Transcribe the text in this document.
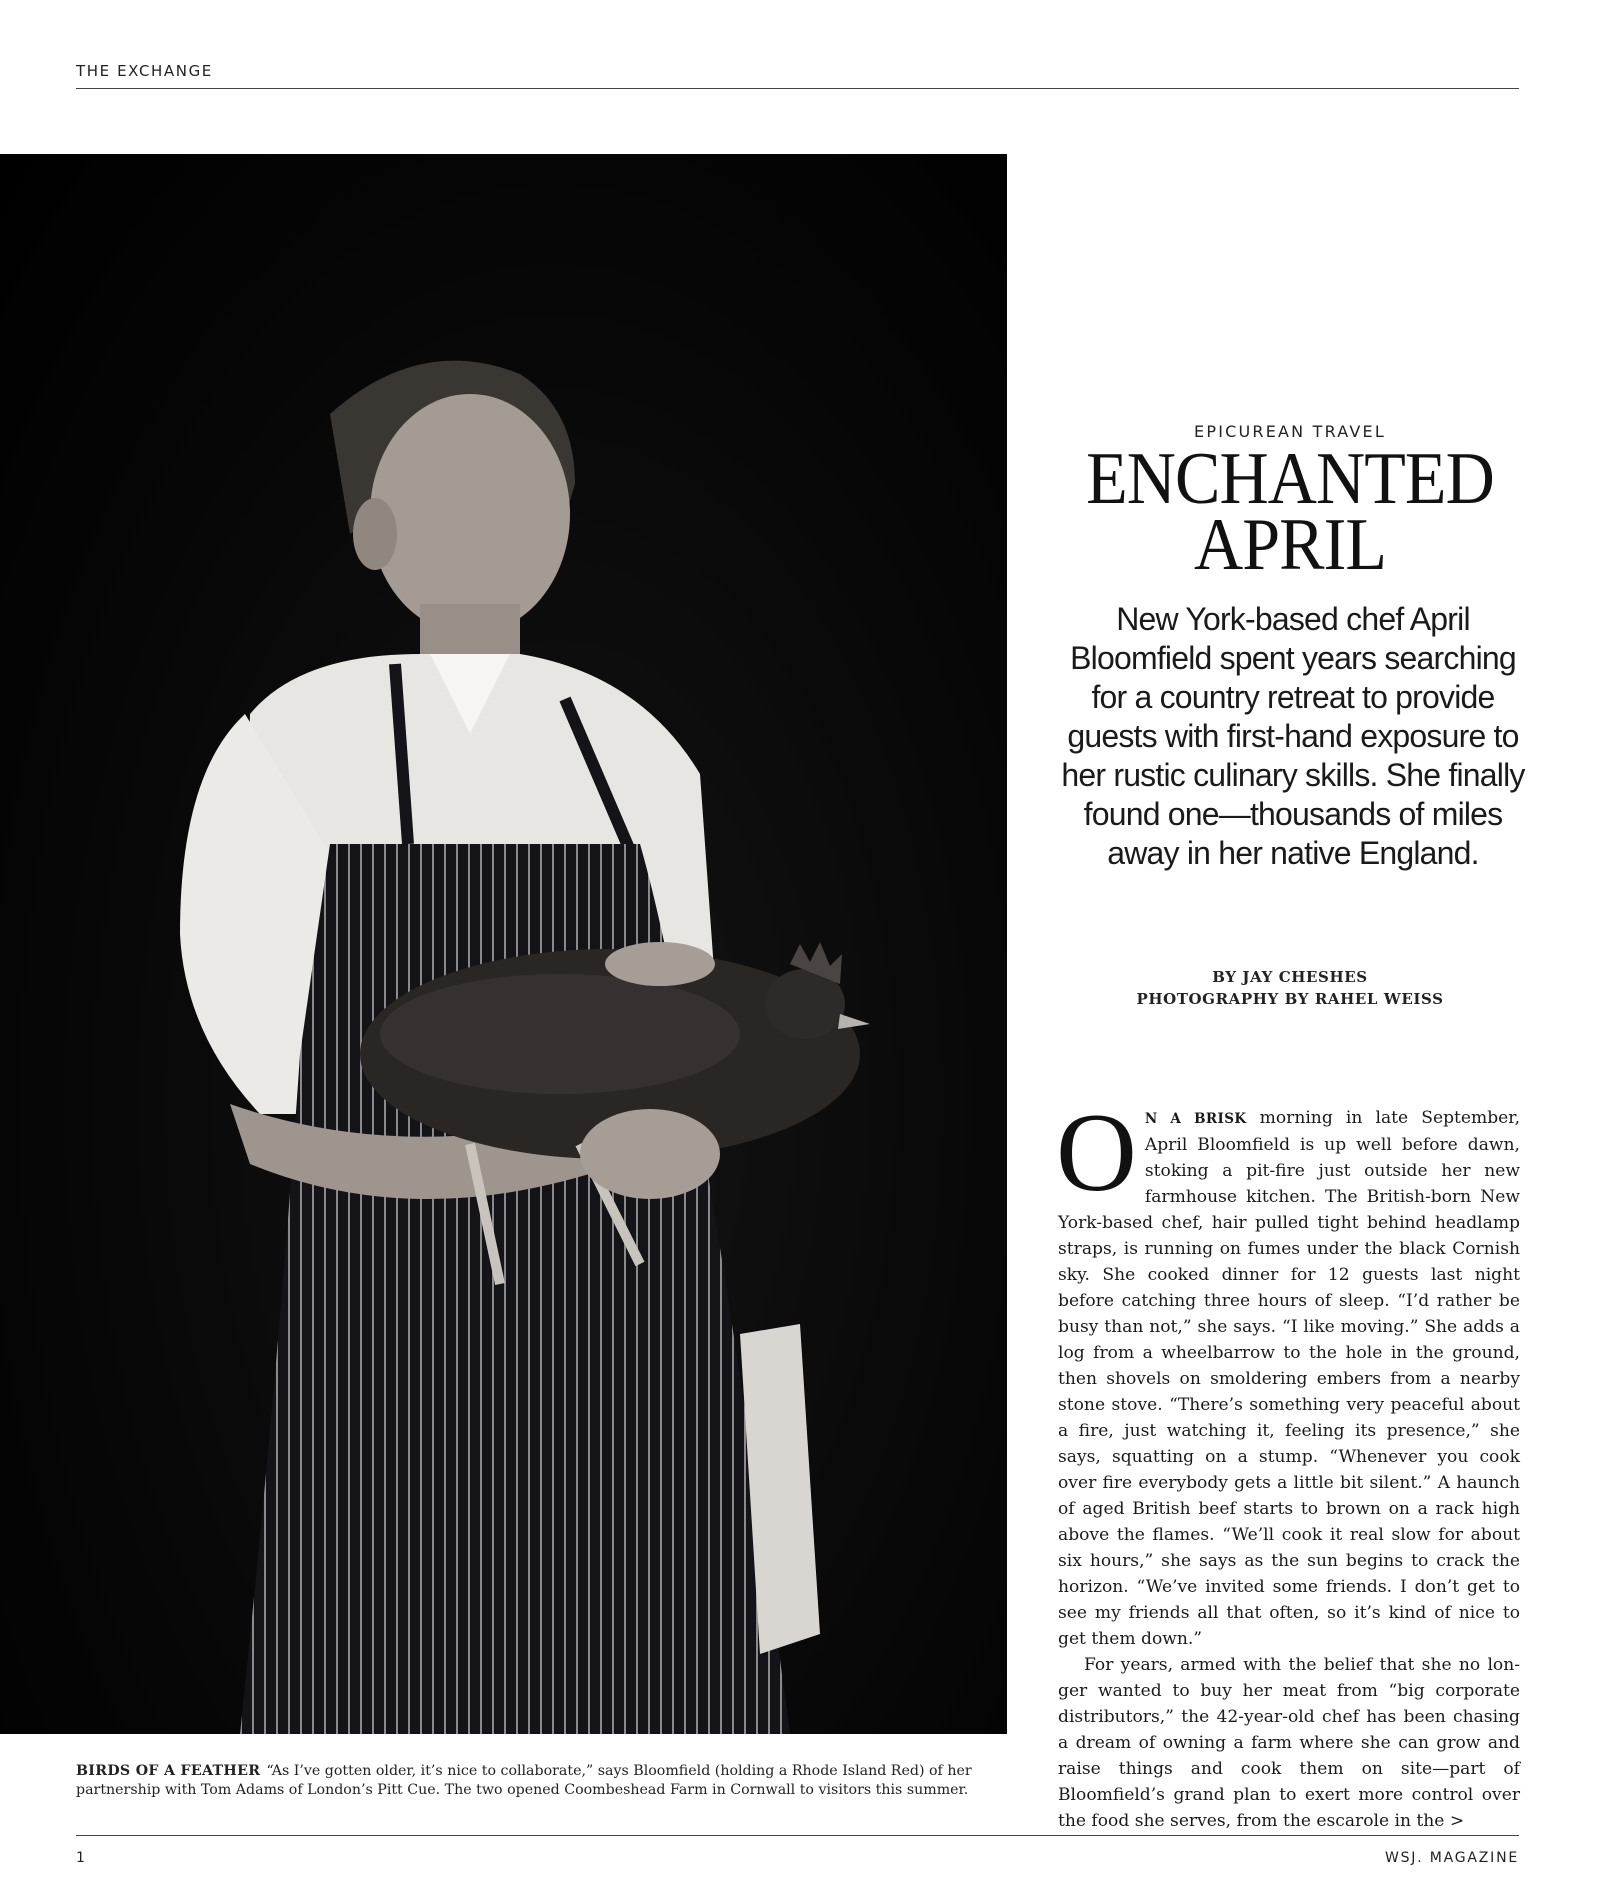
THE EXCHANGE
BIRDS OF A FEATHER “As I’ve gotten older, it’s nice to collaborate,” says Bloomfield (holding a Rhode Island Red) of her partnership with Tom Adams of London’s Pitt Cue. The two opened Coombeshead Farm in Cornwall to visitors this summer.
EPICUREAN TRAVEL
ENCHANTED
APRIL
New York-based chef April Bloomfield spent years searching for a country retreat to provide guests with first-hand exposure to her rustic culinary skills. She finally found one—thousands of miles away in her native England.
BY JAY CHESHES
PHOTOGRAPHY BY RAHEL WEISS

O N A BRISK morning in late September, April Bloomfield is up well before dawn, stoking a pit-fire just outside her new farmhouse kitchen. The British-born New York-based chef, hair pulled tight behind headlamp straps, is running on fumes under the black Cornish sky. She cooked dinner for 12 guests last night before catching three hours of sleep. “I’d rather be busy than not,” she says. “I like moving.” She adds a log from a wheelbarrow to the hole in the ground, then shovels on smoldering embers from a nearby stone stove. “There’s something very peaceful about a fire, just watching it, feeling its presence,” she says, squatting on a stump. “Whenever you cook over fire everybody gets a little bit silent.” A haunch of aged British beef starts to brown on a rack high above the flames. “We’ll cook it real slow for about six hours,” she says as the sun begins to crack the horizon. “We’ve invited some friends. I don’t get to see my friends all that often, so it’s kind of nice to get them down.”

For years, armed with the belief that she no longer wanted to buy her meat from “big corporate distributors,” the 42-year-old chef has been chasing a dream of owning a farm where she can grow and raise things and cook them on site—part of Bloomfield’s grand plan to exert more control over the food she serves, from the escarole in the >

1	WSJ. MAGAZINE
